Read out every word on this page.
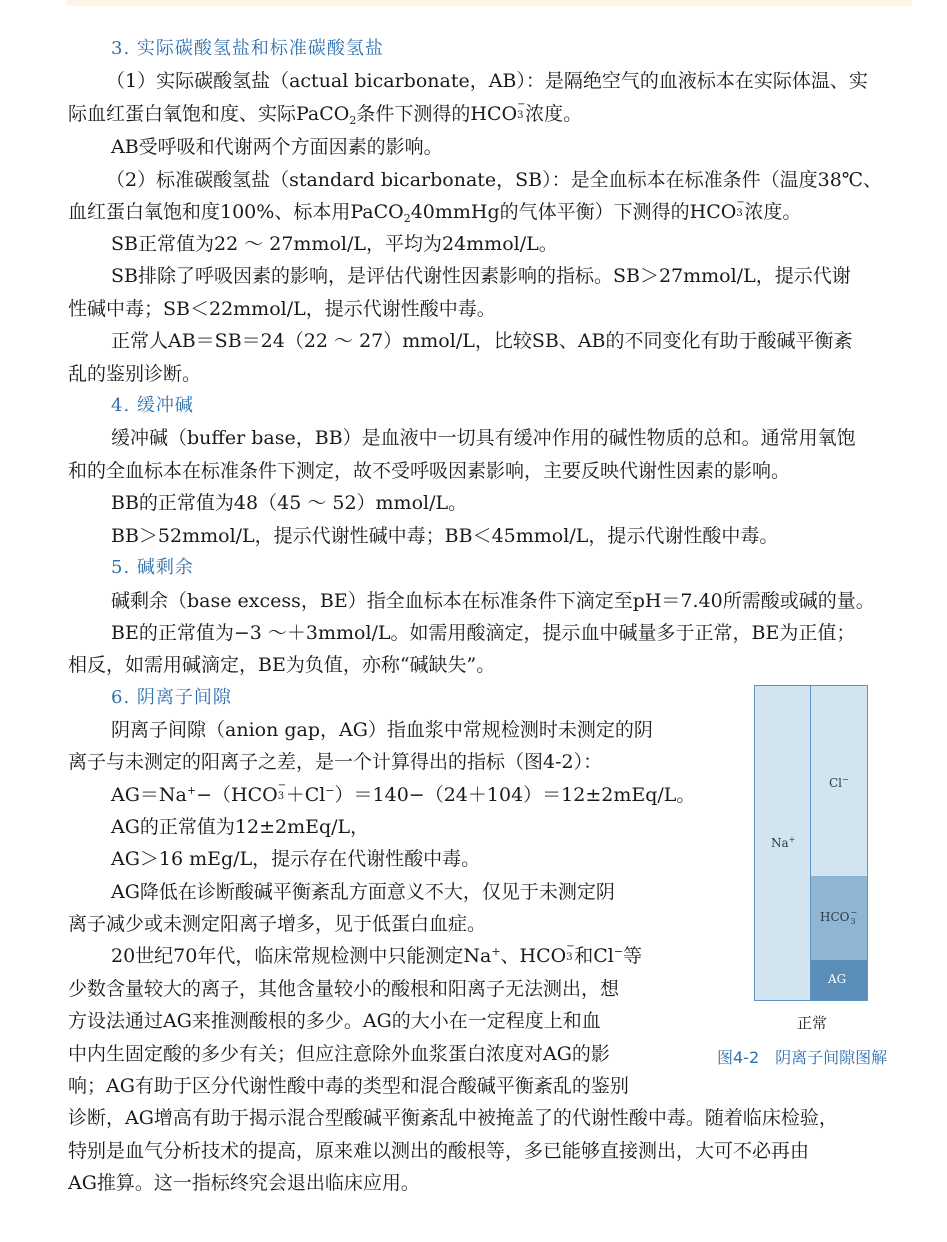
3. 实际碳酸氢盐和标准碳酸氢盐
（1）实际碳酸氢盐（actual bicarbonate，AB）：是隔绝空气的血液标本在实际体温、实
际血红蛋白氧饱和度、实际PaCO$_2$条件下测得的HCO −
3 浓度。
AB受呼吸和代谢两个方面因素的影响。
（2）标准碳酸氢盐（standard bicarbonate，SB）：是全血标本在标准条件（温度38℃、
血红蛋白氧饱和度100%、标本用PaCO$_2$40mmHg的气体平衡）下测得的HCO −
3 浓度。
SB正常值为22 ～ 27mmol/L，平均为24mmol/L。
SB排除了呼吸因素的影响，是评估代谢性因素影响的指标。SB＞27mmol/L，提示代谢
性碱中毒；SB＜22mmol/L，提示代谢性酸中毒。
正常人AB＝SB＝24（22 ～ 27）mmol/L，比较SB、AB的不同变化有助于酸碱平衡紊
乱的鉴别诊断。
4. 缓冲碱
缓冲碱（buffer base，BB）是血液中一切具有缓冲作用的碱性物质的总和。通常用氧饱
和的全血标本在标准条件下测定，故不受呼吸因素影响，主要反映代谢性因素的影响。
BB的正常值为48（45 ～ 52）mmol/L。
BB＞52mmol/L，提示代谢性碱中毒；BB＜45mmol/L，提示代谢性酸中毒。
5. 碱剩余
碱剩余（base excess，BE）指全血标本在标准条件下滴定至pH＝7.40所需酸或碱的量。
BE的正常值为−3 ～＋3mmol/L。如需用酸滴定，提示血中碱量多于正常，BE为正值；
相反，如需用碱滴定，BE为负值，亦称“碱缺失”。
6. 阴离子间隙
阴离子间隙（anion gap，AG）指血浆中常规检测时未测定的阴
离子与未测定的阳离子之差，是一个计算得出的指标（图4-2）：
AG＝Na+−（HCO −
3 ＋Cl−）＝140−（24＋104）＝12±2mEq/L。
AG的正常值为12±2mEq/L，
AG＞16 mEg/L，提示存在代谢性酸中毒。
AG降低在诊断酸碱平衡紊乱方面意义不大，仅见于未测定阴
离子减少或未测定阳离子增多，见于低蛋白血症。
20世纪70年代，临床常规检测中只能测定Na+、HCO −
3 和Cl−等
少数含量较大的离子，其他含量较小的酸根和阳离子无法测出，想
方设法通过AG来推测酸根的多少。AG的大小在一定程度上和血
中内生固定酸的多少有关；但应注意除外血浆蛋白浓度对AG的影
响；AG有助于区分代谢性酸中毒的类型和混合酸碱平衡紊乱的鉴别
诊断，AG增高有助于揭示混合型酸碱平衡紊乱中被掩盖了的代谢性酸中毒。随着临床检验，
特别是血气分析技术的提高，原来难以测出的酸根等，多已能够直接测出，大可不必再由
AG推算。这一指标终究会退出临床应用。
Na+
Cl−
HCO −
3
AG
正常
图4-2　阴离子间隙图解
